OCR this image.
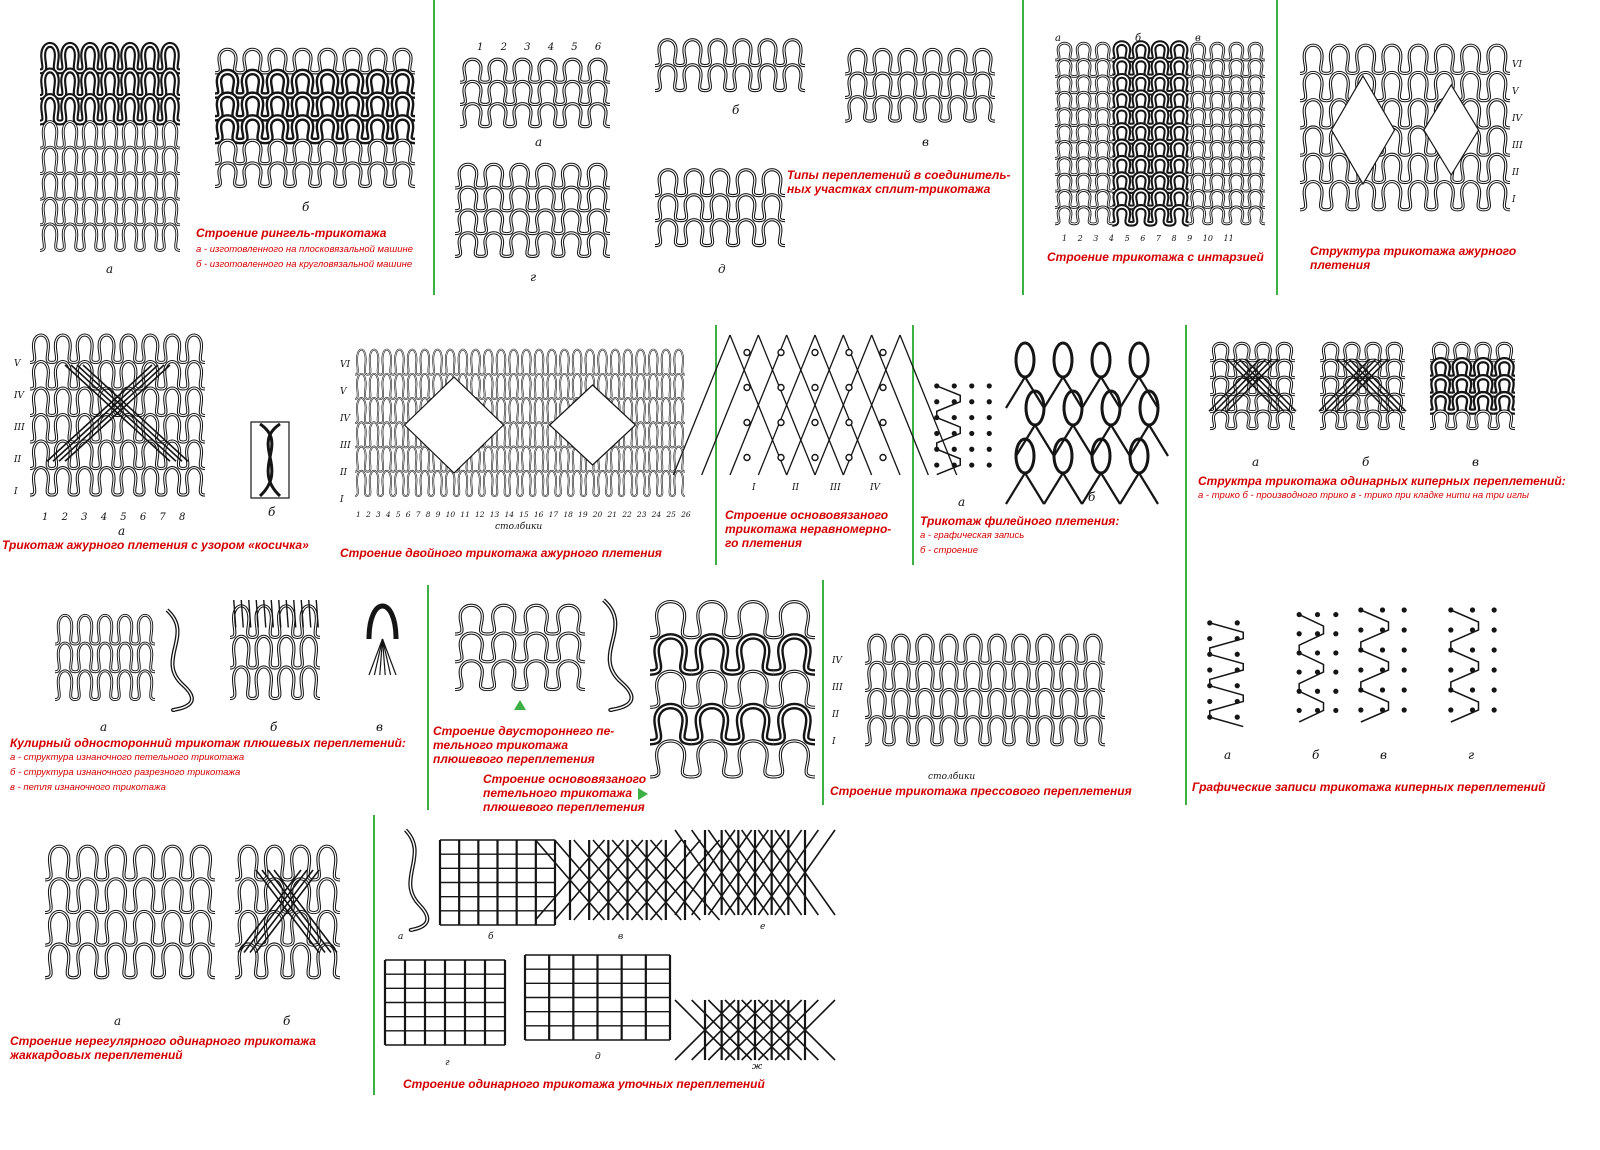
а
б
Строение рингель-трикотажа
а - изготовленного на плосковязальной машине
б - изготовленного на кругловязальной машине
1 2 3 4 5 6
а
б
в
г
д
Типы переплетений в соединитель-
ных участках сплит-трикотажа
а	б	в
1 2 3 4 5 6 7 8 9 10 11
Строение трикотажа с интарзией
VI
V
IV
III
II
I
Структура трикотажа ажурного
плетения
V
IV
III
II
I
1 2 3 4 5 6 7 8
а
б
Трикотаж ажурного плетения с узором «косичка»
VI
V
IV
III
II
I
1 2 3 4 5 6 7 8 9 10 11 12 13 14 15 16 17 18 19 20 21 22 23 24 25 26
столбики
Строение двойного трикотажа ажурного плетения
I	II	III	IV
Строение основовязаного
трикотажа неравномерно-
го плетения
а	б
Трикотаж филейного плетения:
а - графическая запись
б - строение
а	б	в
Структра трикотажа одинарных киперных переплетений:
а - трико б - производного трико в - трико при кладке нити на три иглы
а	б	в
Кулирный односторонний трикотаж плюшевых переплетений:
а - структура изнаночного петельного трикотажа
б - структура изнаночного разрезного трикотажа
в - петля изнаночного трикотажа
Строение двустороннего пе-
тельного трикотажа
плюшевого переплетения
Строение основовязаного
петельного трикотажа
плюшевого переплетения
IV
III
II
I
столбики
Строение трикотажа прессового переплетения
а	б	в	г
Графические записи трикотажа киперных переплетений
а	б
Строение нерегулярного одинарного трикотажа
жаккардовых переплетений
а	б	в
е
г
д
ж
Строение одинарного трикотажа уточных переплетений
